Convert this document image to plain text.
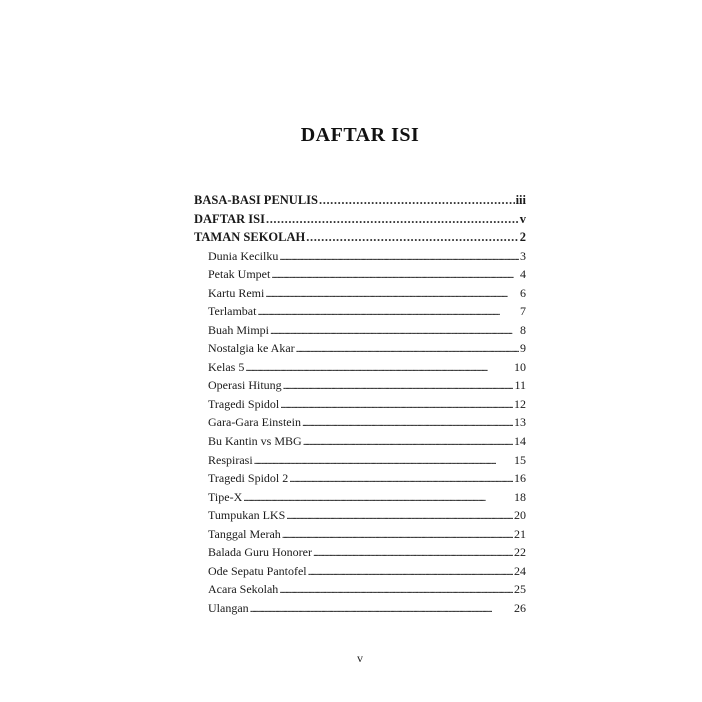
DAFTAR ISI
BASA-BASI PENULIS .....	iii
DAFTAR ISI .....	v
TAMAN SEKOLAH .....	2
Dunia Kecilku .....	3
Petak Umpet .....	4
Kartu Remi .....	6
Terlambat .....	7
Buah Mimpi .....	8
Nostalgia ke Akar .....	9
Kelas 5 .....	10
Operasi Hitung .....	11
Tragedi Spidol .....	12
Gara-Gara Einstein .....	13
Bu Kantin vs MBG .....	14
Respirasi .....	15
Tragedi Spidol 2 .....	16
Tipe-X .....	18
Tumpukan LKS .....	20
Tanggal Merah .....	21
Balada Guru Honorer .....	22
Ode Sepatu Pantofel .....	24
Acara Sekolah .....	25
Ulangan .....	26
v
